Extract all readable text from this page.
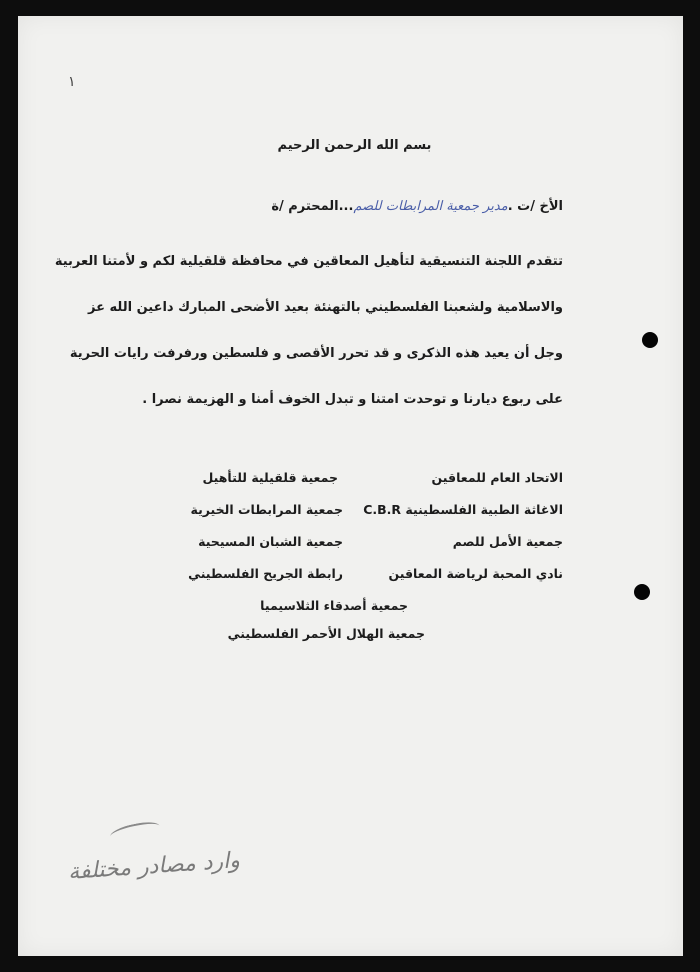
١
بسم الله الرحمن الرحيم
الأخ /ت .مدير جمعية المرابطات للصم...المحترم /ة
تتقدم اللجنة التنسيقية لتأهيل المعاقين في محافظة قلقيلية لكم و لأمتنا العربية
والاسلامية ولشعبنا الفلسطيني بالتهنئة بعيد الأضحى المبارك داعين الله عز
وجل أن يعيد هذه الذكرى و قد تحرر الأقصى و فلسطين ورفرفت رايات الحرية
على ربوع ديارنا و توحدت امتنا و تبدل الخوف أمنا و الهزيمة نصرا .
الاتحاد العام للمعاقين
الاغاثة الطبية الفلسطينية C.B.R
جمعية الأمل للصم
نادي المحبة لرياضة المعاقين
جمعية قلقيلية للتأهيل
جمعية المرابطات الخيرية
جمعية الشبان المسيحية
رابطة الجريح الفلسطيني
جمعية أصدقاء الثلاسيميا
جمعية الهلال الأحمر الفلسطيني
وارد مصادر مختلفة
